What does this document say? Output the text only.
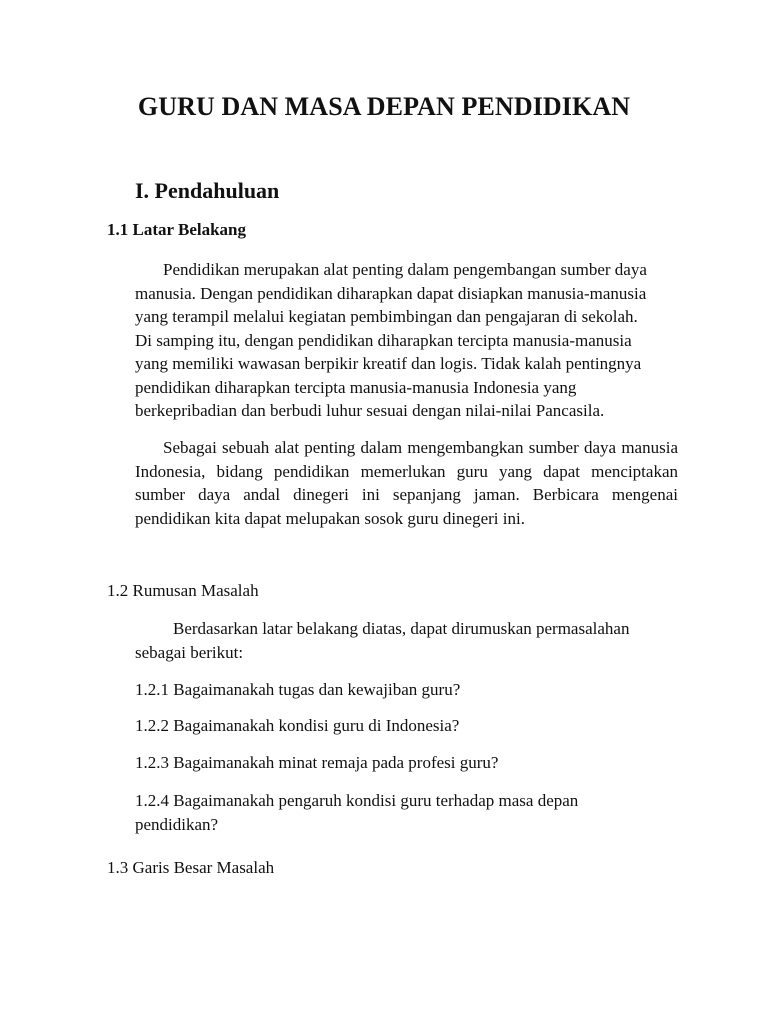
GURU DAN MASA DEPAN PENDIDIKAN
I. Pendahuluan
1.1 Latar Belakang
Pendidikan merupakan alat penting dalam pengembangan sumber daya
manusia. Dengan pendidikan diharapkan dapat disiapkan manusia-manusia
yang terampil melalui kegiatan pembimbingan dan pengajaran di sekolah.
Di samping itu, dengan pendidikan diharapkan tercipta manusia-manusia
yang memiliki wawasan berpikir kreatif dan logis. Tidak kalah pentingnya
pendidikan diharapkan tercipta manusia-manusia Indonesia yang
berkepribadian dan berbudi luhur sesuai dengan nilai-nilai Pancasila.

Sebagai sebuah alat penting dalam mengembangkan sumber daya manusia Indonesia, bidang pendidikan memerlukan guru yang dapat menciptakan sumber daya andal dinegeri ini sepanjang jaman. Berbicara mengenai pendidikan kita dapat melupakan sosok guru dinegeri ini.

1.2 Rumusan Masalah
Berdasarkan latar belakang diatas, dapat dirumuskan permasalahan
sebagai berikut:

1.2.1 Bagaimanakah tugas dan kewajiban guru?

1.2.2 Bagaimanakah kondisi guru di Indonesia?

1.2.3 Bagaimanakah minat remaja pada profesi guru?

1.2.4 Bagaimanakah pengaruh kondisi guru terhadap masa depan
pendidikan?
1.3 Garis Besar Masalah
